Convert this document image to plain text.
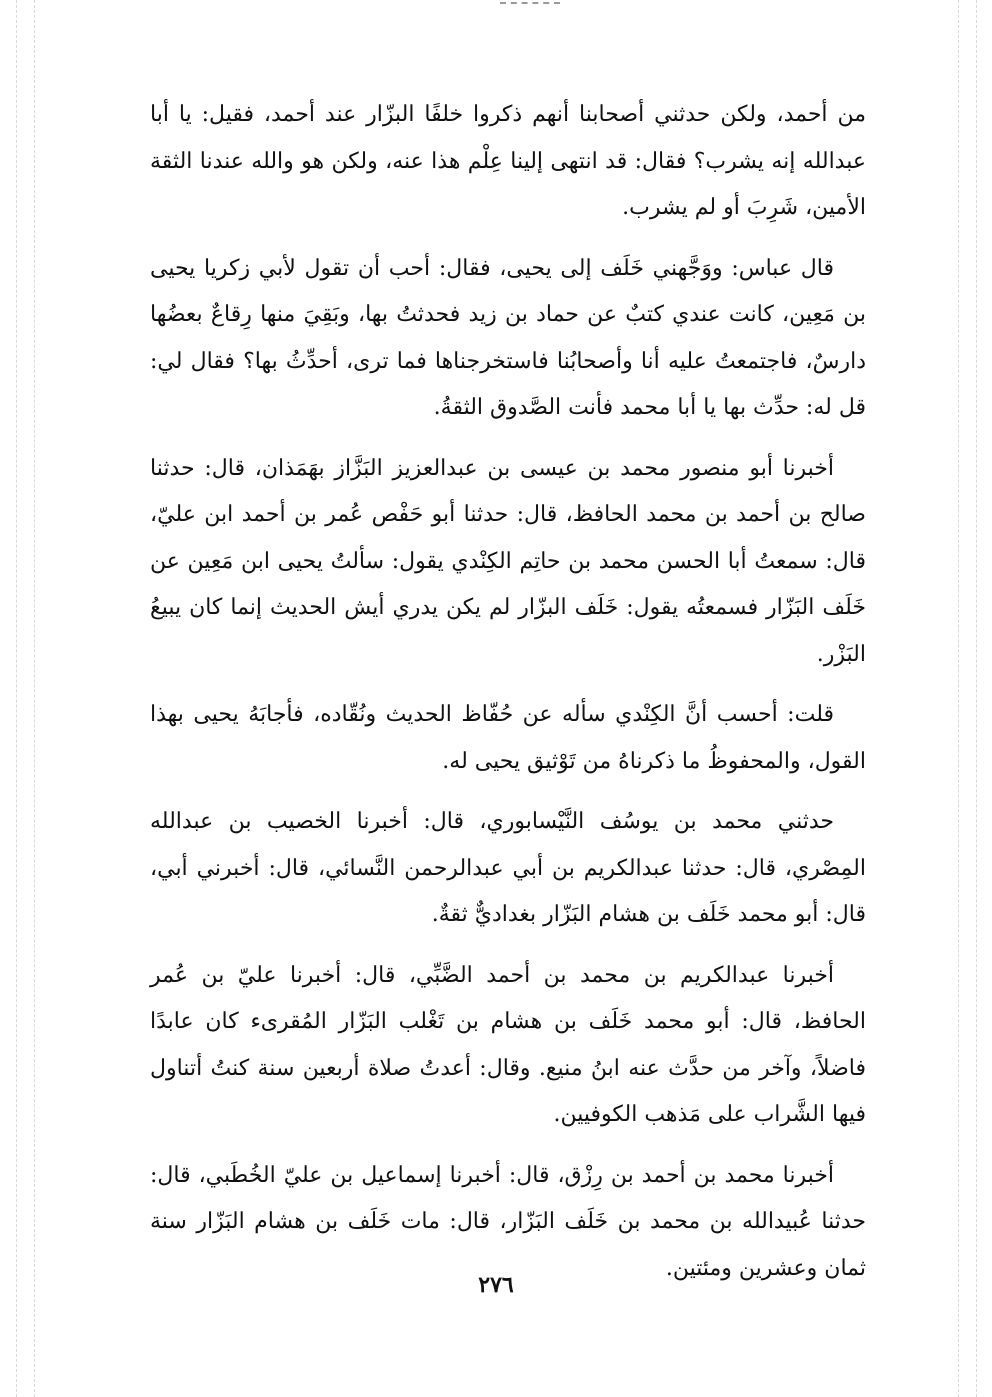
من أحمد، ولكن حدثني أصحابنا أنهم ذكروا خلفًا البزّار عند أحمد، فقيل: يا أبا عبدالله إنه يشرب؟ فقال: قد انتهى إلينا عِلْم هذا عنه، ولكن هو والله عندنا الثقة الأمين، شَرِبَ أو لم يشرب.

قال عباس: ووَجَّهني خَلَف إلى يحيى، فقال: أحب أن تقول لأبي زكريا يحيى بن مَعِين، كانت عندي كتبٌ عن حماد بن زيد فحدثتُ بها، وبَقِيَ منها رِقاعٌ بعضُها دارسٌ، فاجتمعتُ عليه أنا وأصحابُنا فاستخرجناها فما ترى، أحدِّثُ بها؟ فقال لي: قل له: حدِّث بها يا أبا محمد فأنت الصَّدوق الثقةُ.

أخبرنا أبو منصور محمد بن عيسى بن عبدالعزيز البَزَّاز بهَمَذان، قال: حدثنا صالح بن أحمد بن محمد الحافظ، قال: حدثنا أبو حَفْص عُمر بن أحمد ابن عليّ، قال: سمعتُ أبا الحسن محمد بن حاتِم الكِنْدي يقول: سألتُ يحيى ابن مَعِين عن خَلَف البَزّار فسمعتُه يقول: خَلَف البزّار لم يكن يدري أيش الحديث إنما كان يبيعُ البَزْر.

قلت: أحسب أنَّ الكِنْدي سأله عن حُفّاظ الحديث ونُقّاده، فأجابَهُ يحيى بهذا القول، والمحفوظُ ما ذكرناهُ من تَوْثيق يحيى له.

حدثني محمد بن يوسُف النَّيْسابوري، قال: أخبرنا الخصيب بن عبدالله المِصْري، قال: حدثنا عبدالكريم بن أبي عبدالرحمن النَّسائي، قال: أخبرني أبي، قال: أبو محمد خَلَف بن هشام البَزّار بغداديٌّ ثقةٌ.

أخبرنا عبدالكريم بن محمد بن أحمد الضَّبِّي، قال: أخبرنا عليّ بن عُمر الحافظ، قال: أبو محمد خَلَف بن هشام بن تَغْلب البَزّار المُقرىء كان عابدًا فاضلاً، وآخر من حدَّث عنه ابنُ منيع. وقال: أعدتُ صلاة أربعين سنة كنتُ أتناول فيها الشَّراب على مَذهب الكوفيين.

أخبرنا محمد بن أحمد بن رِزْق، قال: أخبرنا إسماعيل بن عليّ الخُطَبي، قال: حدثنا عُبيدالله بن محمد بن خَلَف البَزّار، قال: مات خَلَف بن هشام البَزّار سنة ثمان وعشرين ومئتين.

٢٧٦
